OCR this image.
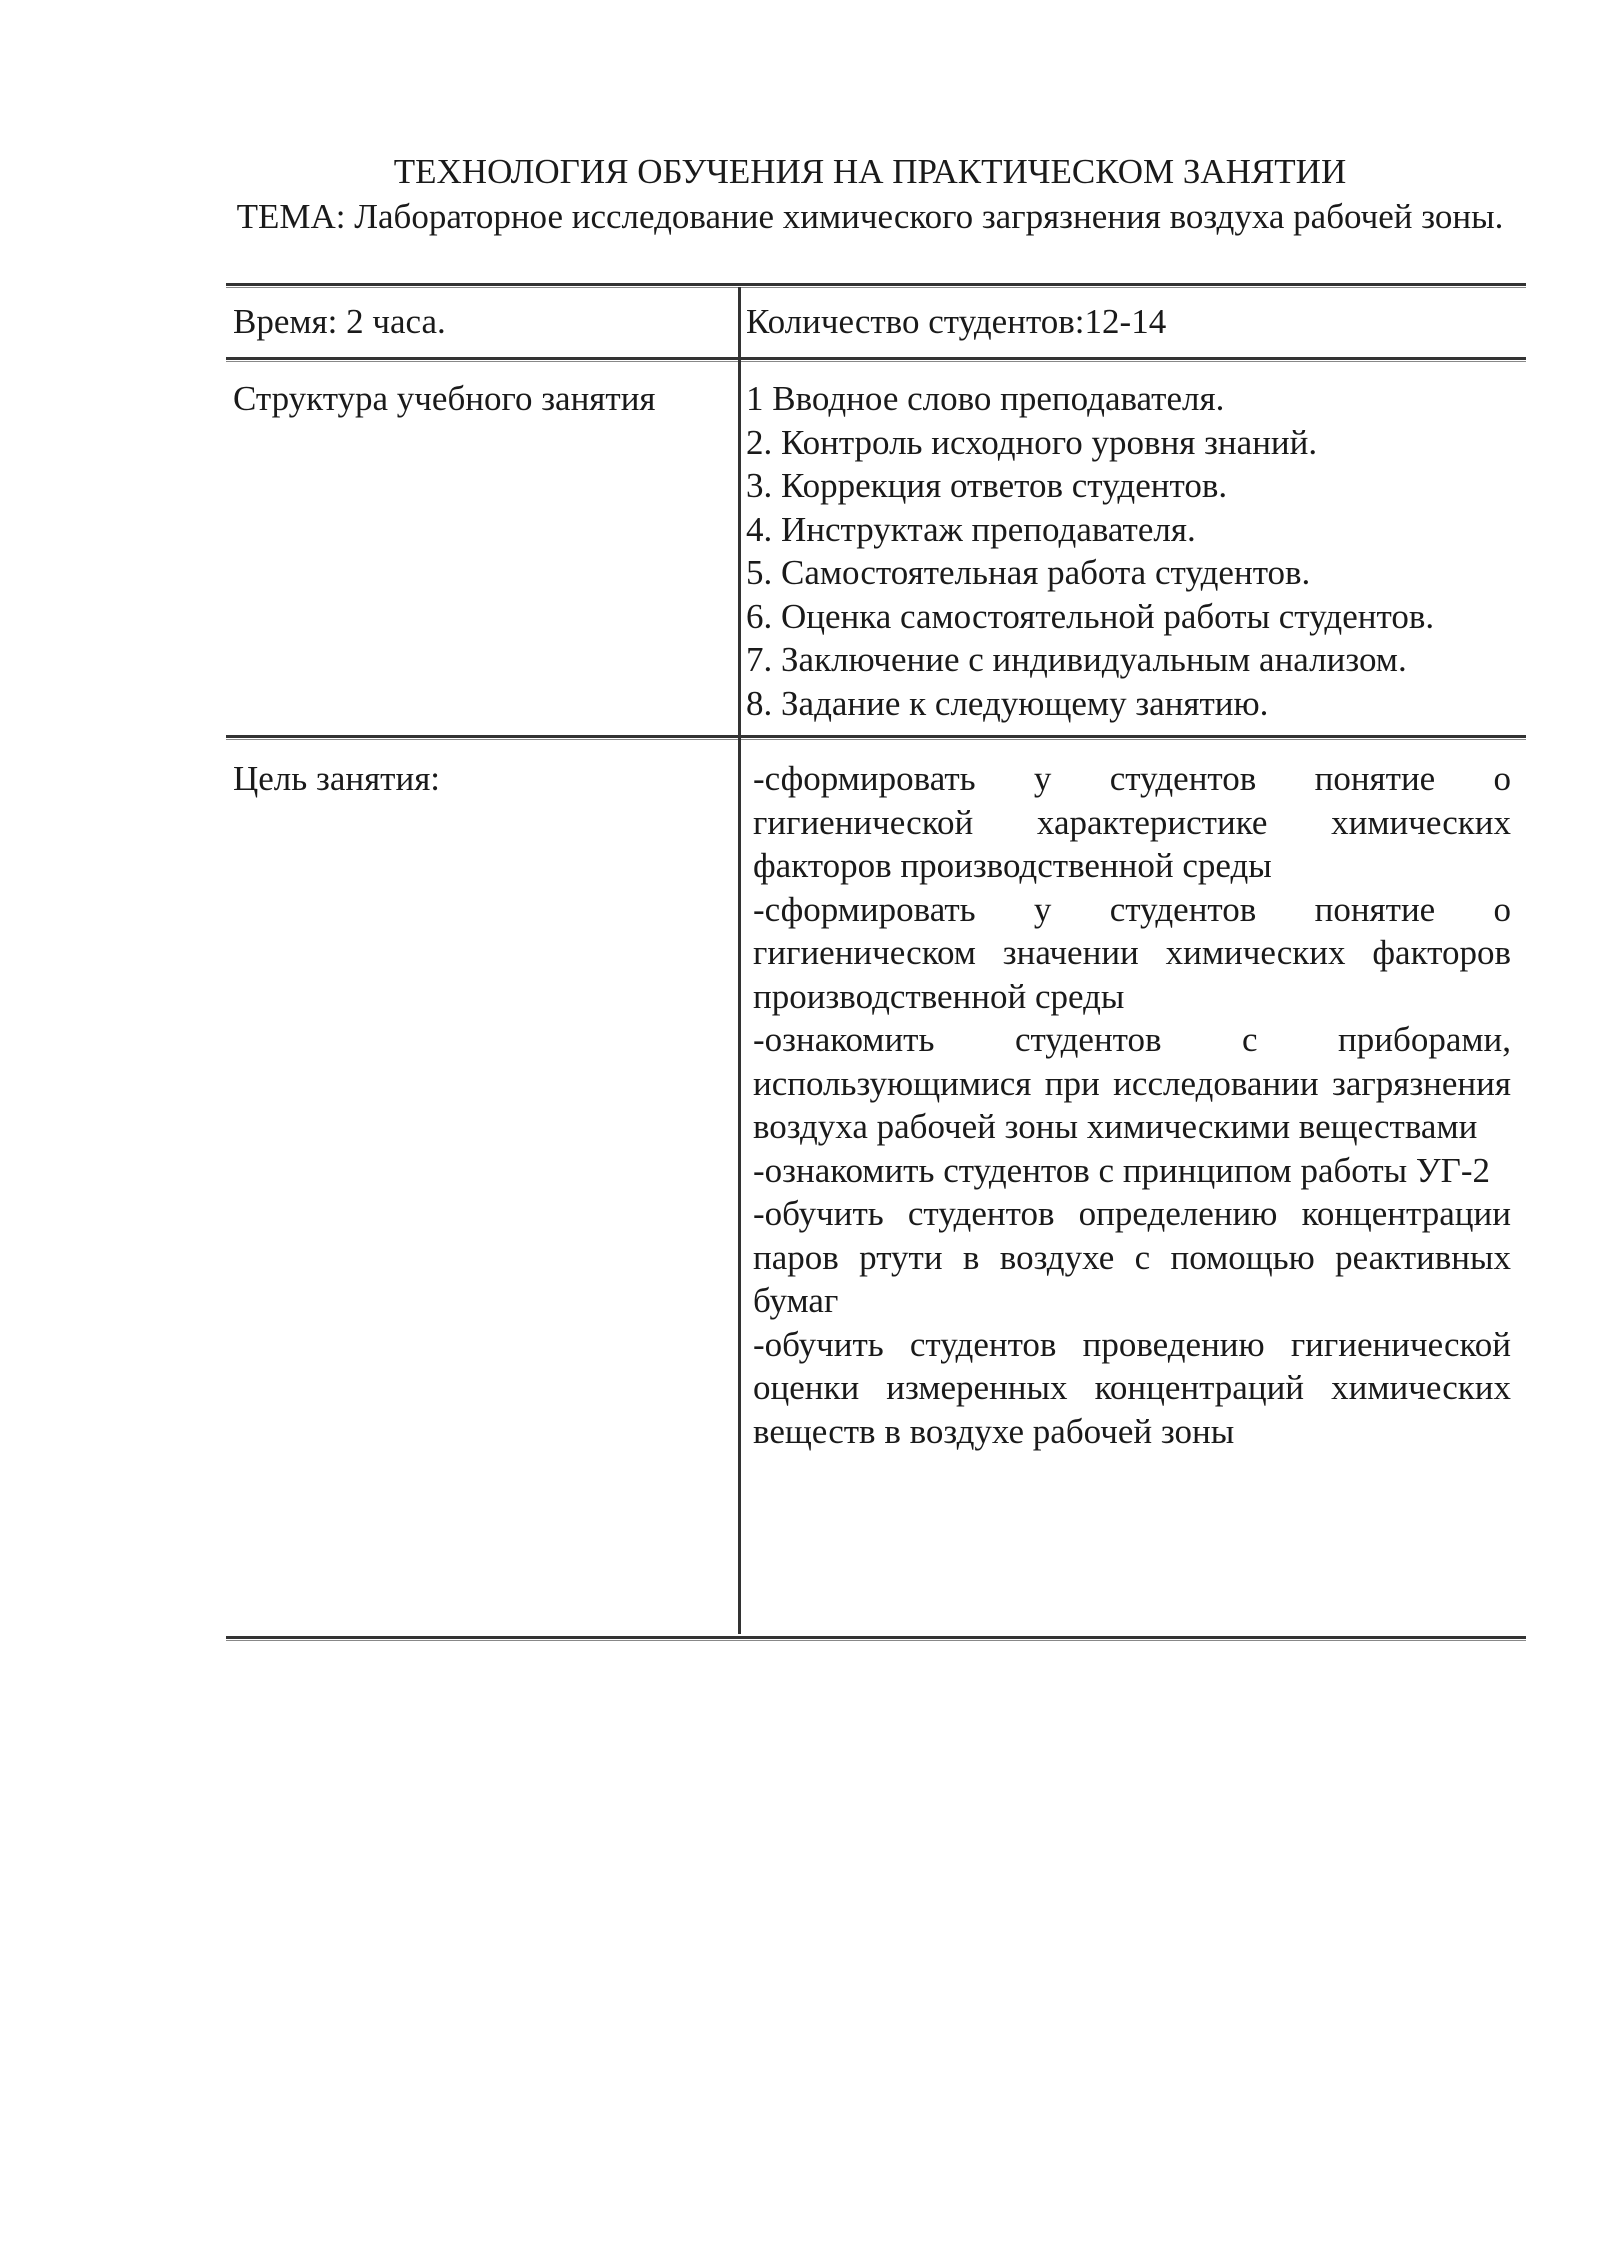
ТЕХНОЛОГИЯ ОБУЧЕНИЯ НА ПРАКТИЧЕСКОМ ЗАНЯТИИ
ТЕМА: Лабораторное исследование химического загрязнения воздуха рабочей зоны.
Время: 2 часа.	Количество студентов:12-14
Структура учебного занятия	1 Вводное слово преподавателя.
2. Контроль исходного уровня знаний.
3. Коррекция ответов студентов.
4. Инструктаж преподавателя.
5. Самостоятельная работа студентов.
6. Оценка самостоятельной работы студентов.
7. Заключение с индивидуальным анализом.
8. Задание к следующему занятию.
Цель занятия:	-сформировать у студентов понятие о гигиенической характеристике химических факторов производственной среды

-сформировать у студентов понятие о гигиеническом значении химических факторов производственной среды

-ознакомить студентов с приборами, использующимися при исследовании загрязнения воздуха рабочей зоны химическими веществами

-ознакомить студентов с принципом работы УГ-2

-обучить студентов определению концентрации паров ртути в воздухе с помощью реактивных бумаг

-обучить студентов проведению гигиенической оценки измеренных концентраций химических веществ в воздухе рабочей зоны
